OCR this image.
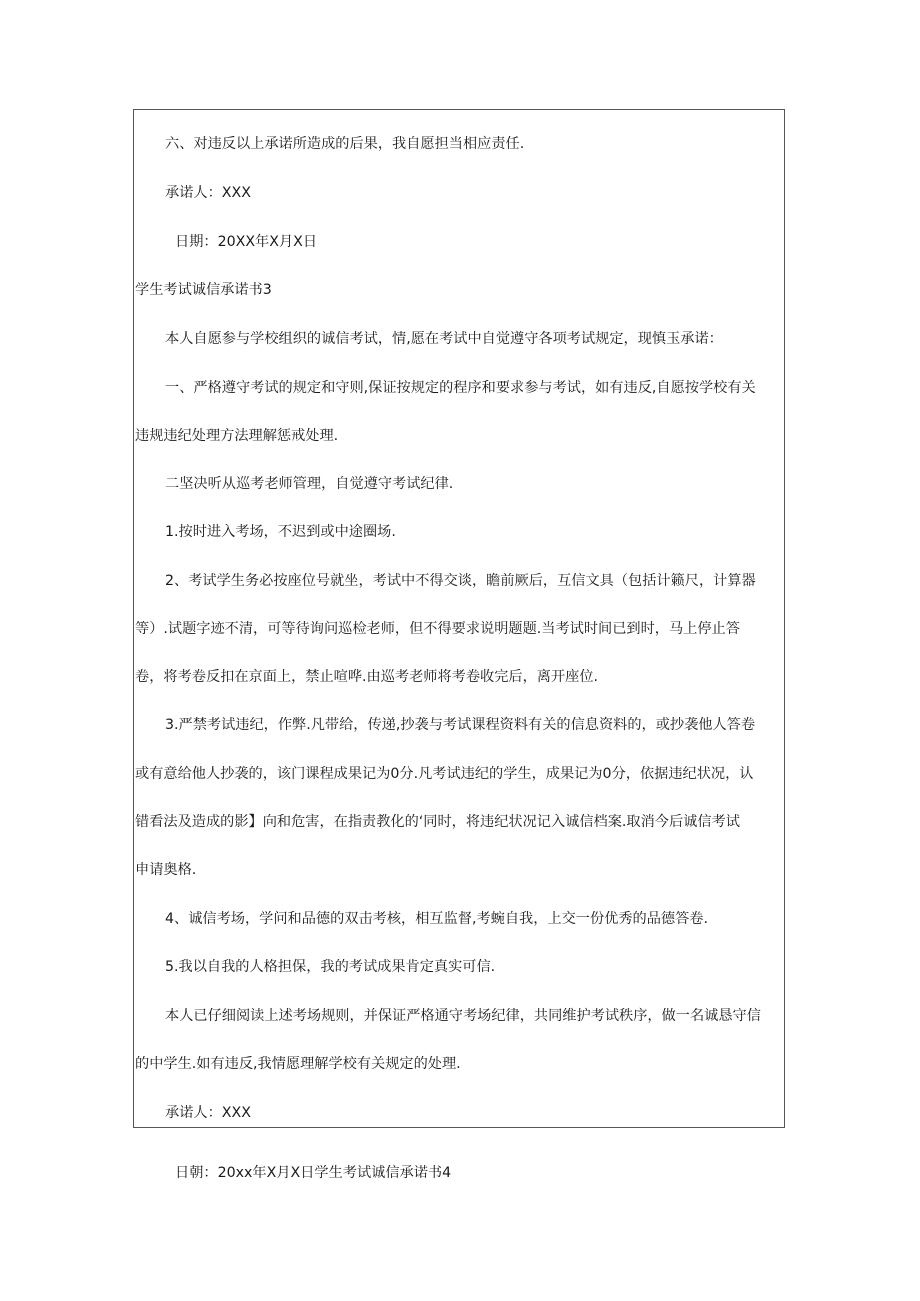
六、对违反以上承诺所造成的后果，我自愿担当相应责任.
承诺人：XXX
日期：20XX年X月X日
学生考试诚信承诺书3
本人自愿参与学校组织的诚信考试，情,愿在考试中自觉遵守各项考试规定，现慎玉承诺：
一、严格遵守考试的规定和守则,保证按规定的程序和要求参与考试，如有违反,自愿按学校有关
违规违纪处理方法理解惩戒处理.
二坚决听从巡考老师管理，自觉遵守考试纪律.
1.按时进入考场，不迟到或中途圈场.
2、考试学生务必按座位号就坐，考试中不得交谈，瞻前厥后，互信文具（包括计籁尺，计算器
等）.试题字迹不清，可等待询问巡检老师，但不得要求说明题题.当考试时间已到时，马上停止答
卷，将考卷反扣在京面上，禁止喧哗.由巡考老师将考卷收完后，离开座位.
3.严禁考试违纪，作弊.凡带给，传递,抄袭与考试课程资料有关的信息资料的，或抄袭他人答卷
或有意给他人抄袭的，该门课程成果记为0分.凡考试违纪的学生，成果记为0分，依据违纪状况，认
错看法及造成的影】向和危害，在指责教化的‘同时，将违纪状况记入诚信档案.取消今后诚信考试
申请奥格.
4、诚信考场，学问和品德的双击考核，相互监督,考蜿自我，上交一份优秀的品德答卷.
5.我以自我的人格担保，我的考试成果肯定真实可信.
本人已仔细阅读上述考场规则，并保证严格通守考场纪律，共同维护考试秩序，做一名诚恳守信
的中学生.如有违反,我情愿理解学校有关规定的处理.
承诺人：XXX
日朝：20xx年X月X日学生考试诚信承诺书4
